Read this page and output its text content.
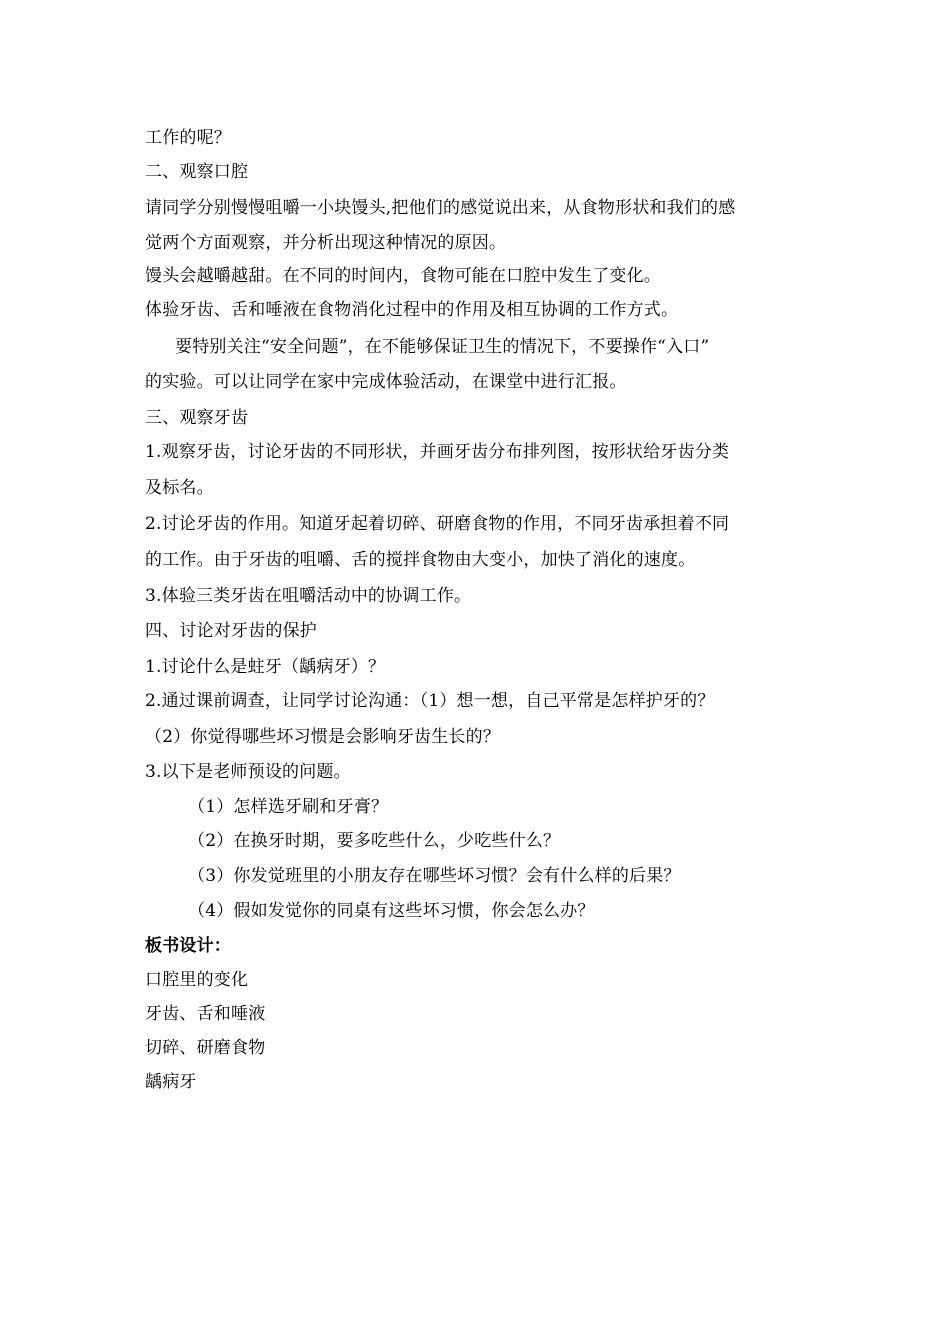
工作的呢？
二、观察口腔
请同学分别慢慢咀嚼一小块馒头,把他们的感觉说出来，从食物形状和我们的感
觉两个方面观察，并分析出现这种情况的原因。
馒头会越嚼越甜。在不同的时间内，食物可能在口腔中发生了变化。
体验牙齿、舌和唾液在食物消化过程中的作用及相互协调的工作方式。
要特别关注“安全问题”，在不能够保证卫生的情况下，不要操作“入口”
的实验。可以让同学在家中完成体验活动，在课堂中进行汇报。
三、观察牙齿
1.观察牙齿，讨论牙齿的不同形状，并画牙齿分布排列图，按形状给牙齿分类
及标名。
2.讨论牙齿的作用。知道牙起着切碎、研磨食物的作用，不同牙齿承担着不同
的工作。由于牙齿的咀嚼、舌的搅拌食物由大变小，加快了消化的速度。
3.体验三类牙齿在咀嚼活动中的协调工作。
四、讨论对牙齿的保护
1.讨论什么是蛀牙（龋病牙）？
2.通过课前调查，让同学讨论沟通：（1）想一想，自己平常是怎样护牙的？
（2）你觉得哪些坏习惯是会影响牙齿生长的？
3.以下是老师预设的问题。
（1）怎样选牙刷和牙膏？
（2）在换牙时期，要多吃些什么，少吃些什么？
（3）你发觉班里的小朋友存在哪些坏习惯？会有什么样的后果？
（4）假如发觉你的同桌有这些坏习惯，你会怎么办？
板书设计：
口腔里的变化
牙齿、舌和唾液
切碎、研磨食物
龋病牙
